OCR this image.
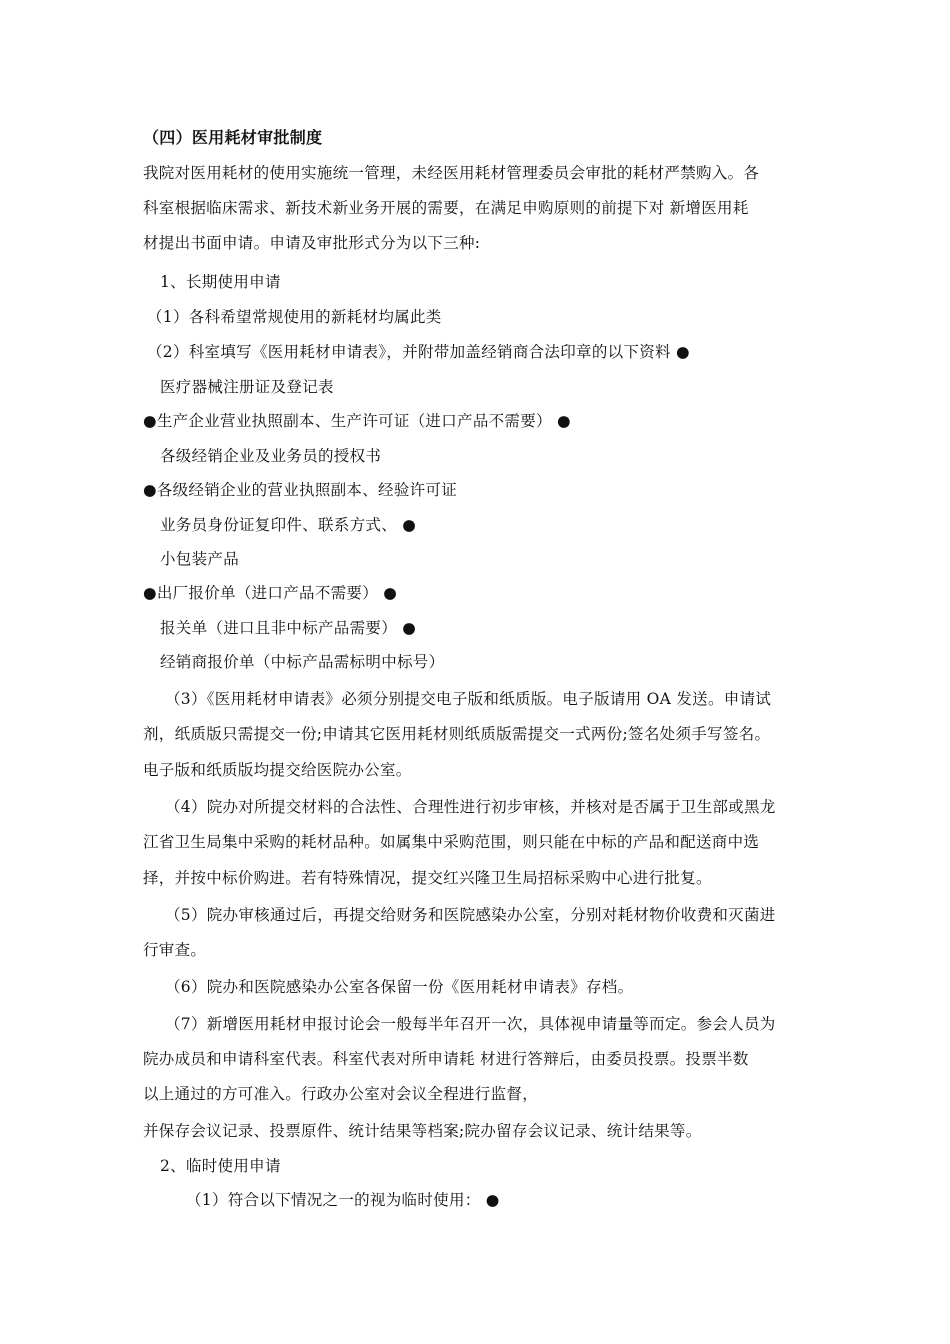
（四）医用耗材审批制度
我院对医用耗材的使用实施统一管理，未经医用耗材管理委员会审批的耗材严禁购入。各
科室根据临床需求、新技术新业务开展的需要，在满足申购原则的前提下对 新增医用耗
材提出书面申请。申请及审批形式分为以下三种:
1、长期使用申请
（1）各科希望常规使用的新耗材均属此类
（2）科室填写《医用耗材申请表》，并附带加盖经销商合法印章的以下资料 ●
医疗器械注册证及登记表
●生产企业营业执照副本、生产许可证（进口产品不需要） ●
各级经销企业及业务员的授权书
●各级经销企业的营业执照副本、经验许可证
业务员身份证复印件、联系方式、 ●
小包装产品
●出厂报价单（进口产品不需要） ●
报关单（进口且非中标产品需要） ●
经销商报价单（中标产品需标明中标号）
（3）《医用耗材申请表》必须分别提交电子版和纸质版。电子版请用 OA 发送。申请试
剂，纸质版只需提交一份;申请其它医用耗材则纸质版需提交一式两份;签名处须手写签名。
电子版和纸质版均提交给医院办公室。
（4）院办对所提交材料的合法性、合理性进行初步审核，并核对是否属于卫生部或黑龙
江省卫生局集中采购的耗材品种。如属集中采购范围，则只能在中标的产品和配送商中选
择，并按中标价购进。若有特殊情况，提交红兴隆卫生局招标采购中心进行批复。
（5）院办审核通过后，再提交给财务和医院感染办公室，分别对耗材物价收费和灭菌进
行审查。
（6）院办和医院感染办公室各保留一份《医用耗材申请表》存档。
（7）新增医用耗材申报讨论会一般每半年召开一次，具体视申请量等而定。参会人员为
院办成员和申请科室代表。科室代表对所申请耗 材进行答辩后，由委员投票。投票半数
以上通过的方可准入。行政办公室对会议全程进行监督，
并保存会议记录、投票原件、统计结果等档案;院办留存会议记录、统计结果等。
2、临时使用申请
（1）符合以下情况之一的视为临时使用： ●
